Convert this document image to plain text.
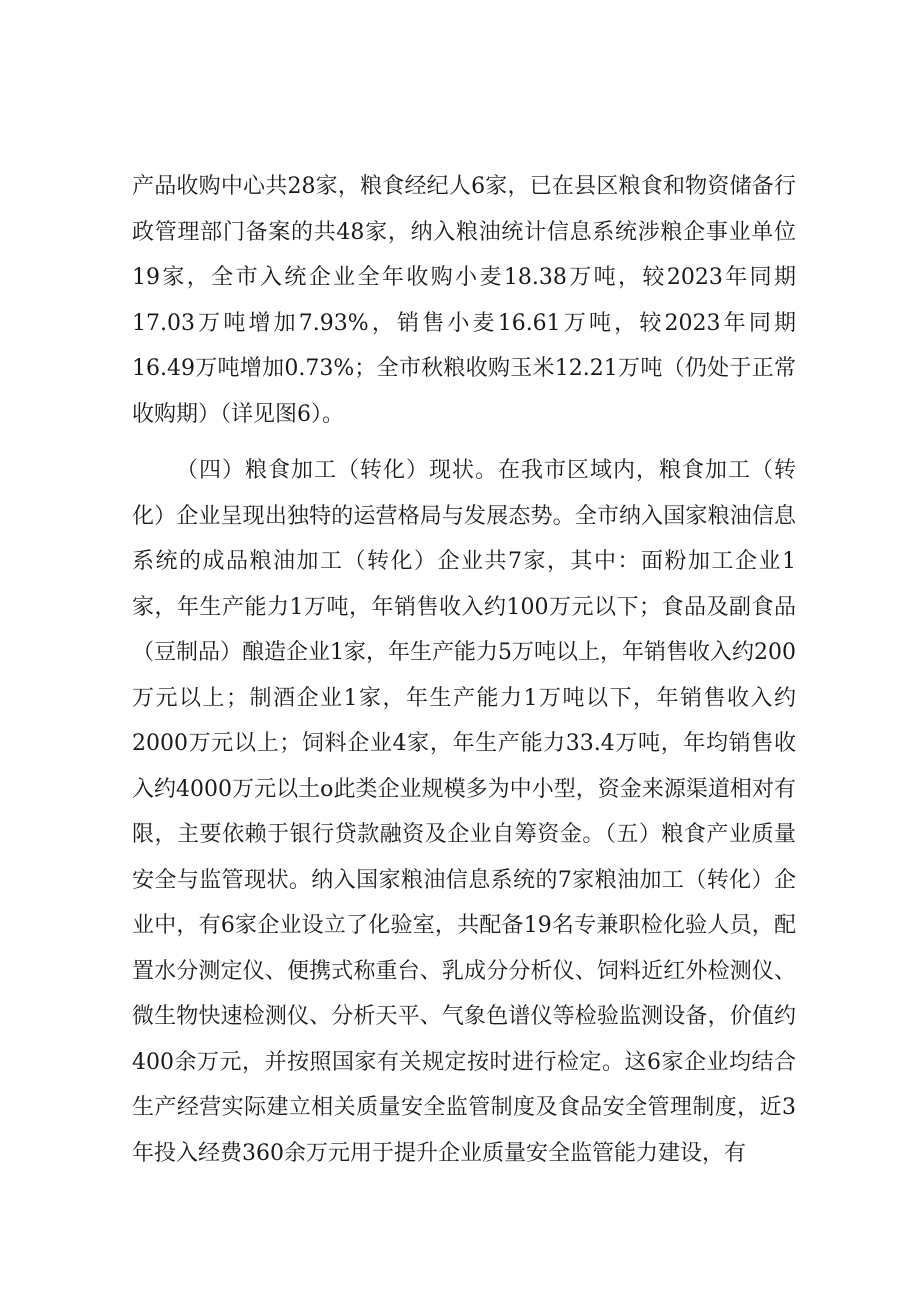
产品收购中心共28家，粮食经纪人6家，已在县区粮食和物资储备行政管理部门备案的共48家，纳入粮油统计信息系统涉粮企事业单位19家，全市入统企业全年收购小麦18.38万吨，较2023年同期17.03万吨增加7.93%，销售小麦16.61万吨，较2023年同期16.49万吨增加0.73%；全市秋粮收购玉米12.21万吨（仍处于正常收购期）（详见图6）。

（四）粮食加工（转化）现状。在我市区域内，粮食加工（转化）企业呈现出独特的运营格局与发展态势。全市纳入国家粮油信息系统的成品粮油加工（转化）企业共7家，其中：面粉加工企业1家，年生产能力1万吨，年销售收入约100万元以下；食品及副食品（豆制品）酿造企业1家，年生产能力5万吨以上，年销售收入约200万元以上；制酒企业1家，年生产能力1万吨以下，年销售收入约2000万元以上；饲料企业4家，年生产能力33.4万吨，年均销售收入约4000万元以土o此类企业规模多为中小型，资金来源渠道相对有限，主要依赖于银行贷款融资及企业自筹资金。（五）粮食产业质量安全与监管现状。纳入国家粮油信息系统的7家粮油加工（转化）企业中，有6家企业设立了化验室，共配备19名专兼职检化验人员，配置水分测定仪、便携式称重台、乳成分分析仪、饲料近红外检测仪、微生物快速检测仪、分析天平、气象色谱仪等检验监测设备，价值约400余万元，并按照国家有关规定按时进行检定。这6家企业均结合生产经营实际建立相关质量安全监管制度及食品安全管理制度，近3年投入经费360余万元用于提升企业质量安全监管能力建设，有
